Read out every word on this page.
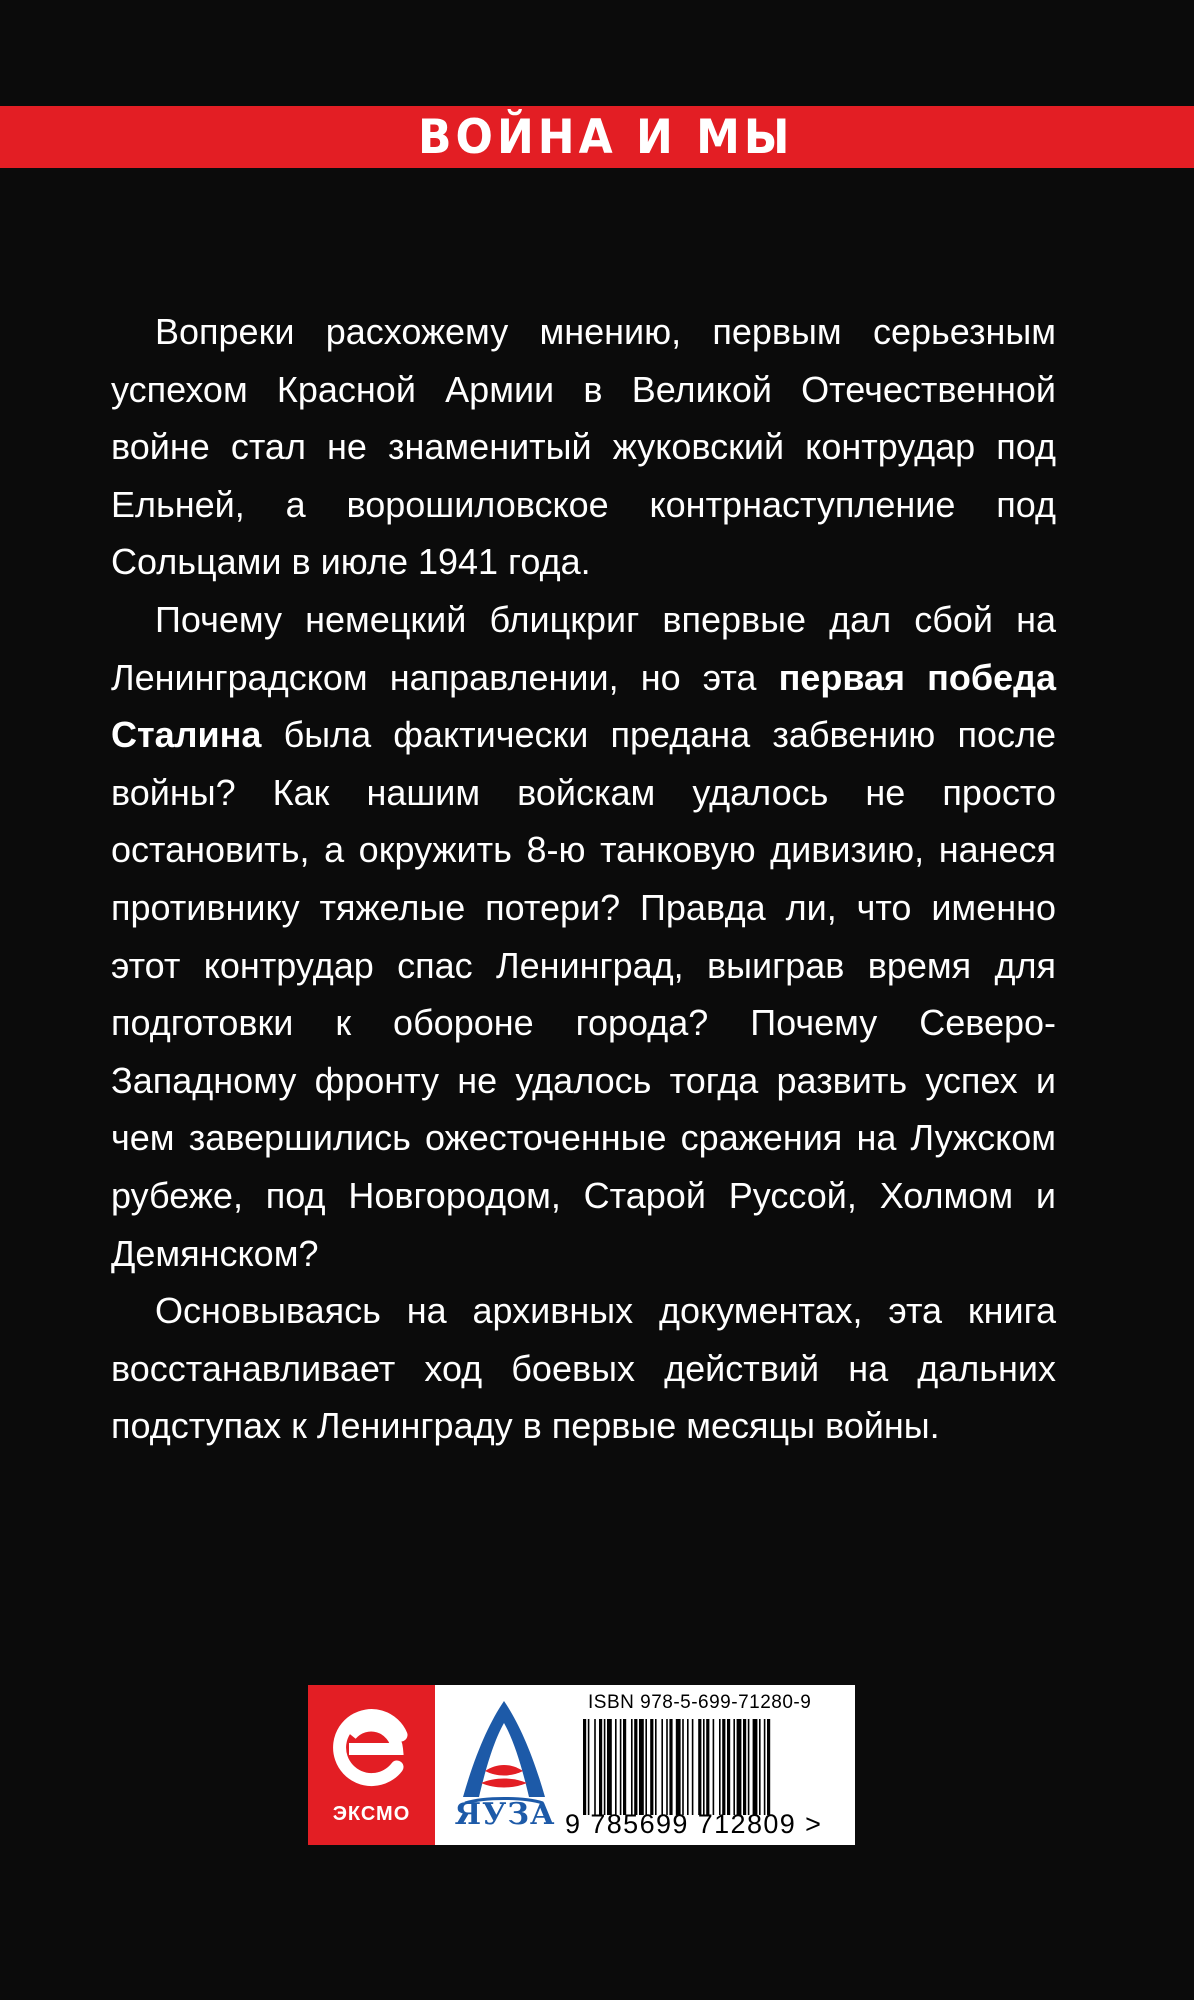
ВОЙНА И МЫ

Вопреки расхожему мнению, первым серьезным успехом Красной Армии в Великой Отечественной войне стал не знаменитый жуковский контрудар под Ельней, а ворошиловское контрнаступление под Сольцами в июле 1941 года.

Почему немецкий блицкриг впервые дал сбой на Ленинградском направлении, но эта первая победа Сталина была фактически предана забвению после войны? Как нашим войскам удалось не просто остановить, а окружить 8-ю танковую дивизию, нанеся противнику тяжелые потери? Правда ли, что именно этот контрудар спас Ленинград, выиграв время для подготовки к обороне города? Почему Северо-Западному фронту не удалось тогда развить успех и чем завершились ожесточенные сражения на Лужском рубеже, под Новгородом, Старой Руссой, Холмом и Демянском?

Основываясь на архивных документах, эта книга восстанавливает ход боевых действий на дальних подступах к Ленинграду в первые месяцы войны.

ЭКСМО	ЯУЗА
ISBN 978-5-699-71280-9
9 785699 712809 >
